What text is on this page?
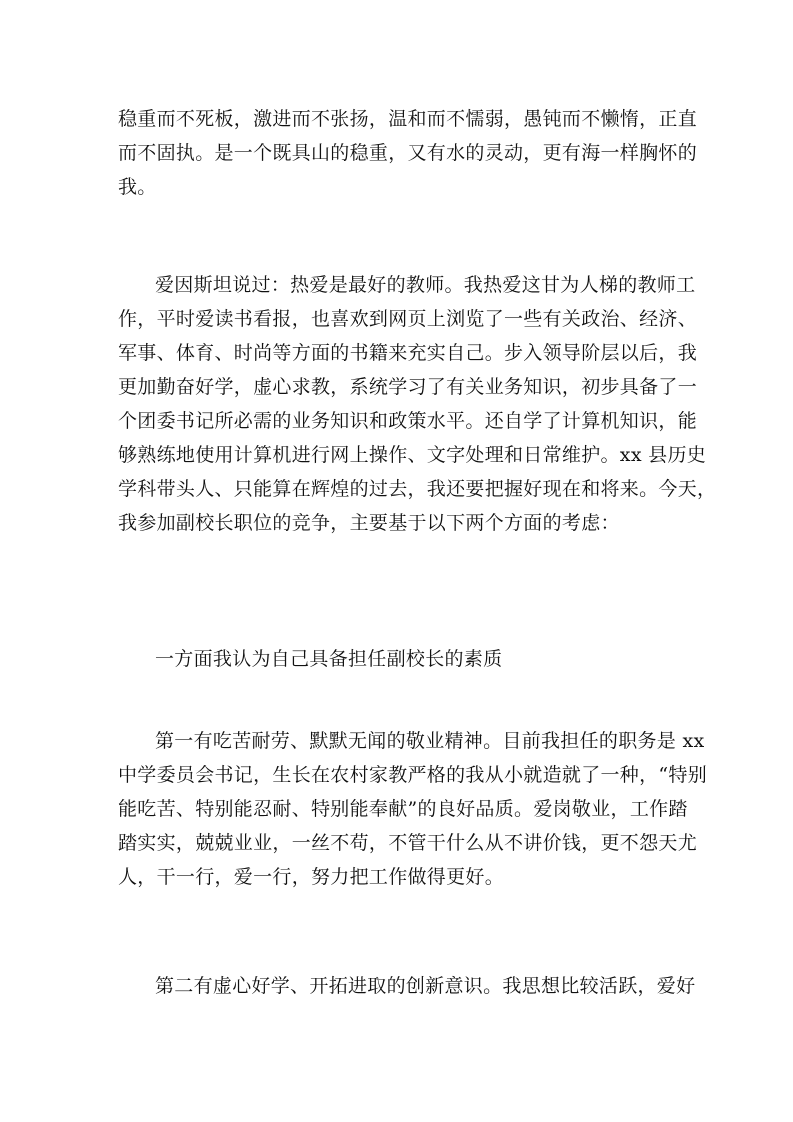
稳重而不死板，激进而不张扬，温和而不懦弱，愚钝而不懒惰，正直
而不固执。是一个既具山的稳重，又有水的灵动，更有海一样胸怀的
我。

爱因斯坦说过：热爱是最好的教师。我热爱这甘为人梯的教师工
作，平时爱读书看报，也喜欢到网页上浏览了一些有关政治、经济、
军事、体育、时尚等方面的书籍来充实自己。步入领导阶层以后，我
更加勤奋好学，虚心求教，系统学习了有关业务知识，初步具备了一
个团委书记所必需的业务知识和政策水平。还自学了计算机知识，能
够熟练地使用计算机进行网上操作、文字处理和日常维护。xx 县历史
学科带头人、只能算在辉煌的过去，我还要把握好现在和将来。今天，
我参加副校长职位的竞争，主要基于以下两个方面的考虑：

一方面我认为自己具备担任副校长的素质

第一有吃苦耐劳、默默无闻的敬业精神。目前我担任的职务是 xx
中学委员会书记，生长在农村家教严格的我从小就造就了一种，“特别
能吃苦、特别能忍耐、特别能奉献”的良好品质。爱岗敬业，工作踏
踏实实，兢兢业业，一丝不苟，不管干什么从不讲价钱，更不怨天尤
人，干一行，爱一行，努力把工作做得更好。

第二有虚心好学、开拓进取的创新意识。我思想比较活跃，爱好
